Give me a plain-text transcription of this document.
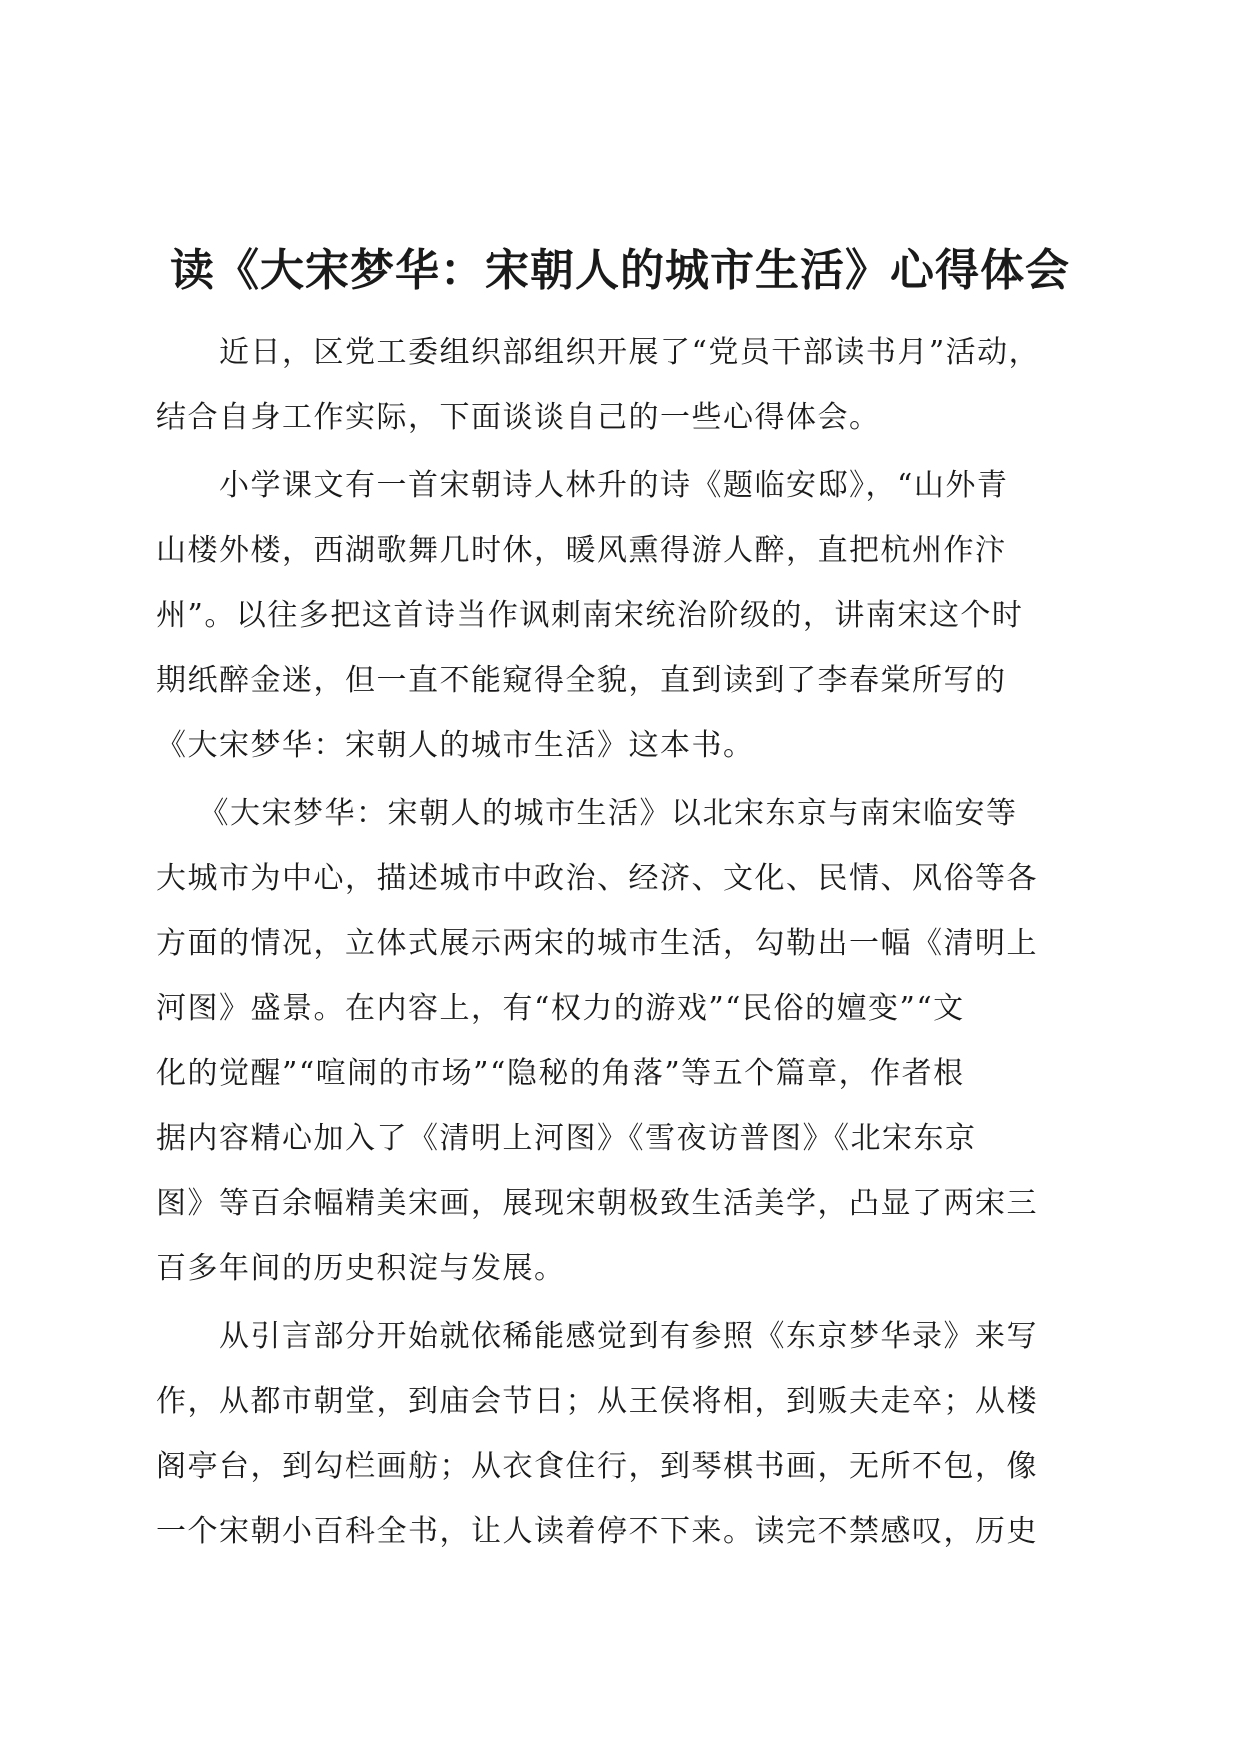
读《大宋梦华：宋朝人的城市生活》心得体会
　　近日，区党工委组织部组织开展了“党员干部读书月”活动，
结合自身工作实际，下面谈谈自己的一些心得体会。
　　小学课文有一首宋朝诗人林升的诗《题临安邸》，“山外青
山楼外楼，西湖歌舞几时休，暖风熏得游人醉，直把杭州作汴
州”。以往多把这首诗当作讽刺南宋统治阶级的，讲南宋这个时
期纸醉金迷，但一直不能窥得全貌，直到读到了李春棠所写的
《大宋梦华：宋朝人的城市生活》这本书。
　 《大宋梦华：宋朝人的城市生活》以北宋东京与南宋临安等
大城市为中心，描述城市中政治、经济、文化、民情、风俗等各
方面的情况，立体式展示两宋的城市生活，勾勒出一幅《清明上
河图》盛景。在内容上，有“权力的游戏”“民俗的嬗变”“文
化的觉醒”“喧闹的市场”“隐秘的角落”等五个篇章，作者根
据内容精心加入了《清明上河图》《雪夜访普图》《北宋东京
图》等百余幅精美宋画，展现宋朝极致生活美学，凸显了两宋三
百多年间的历史积淀与发展。
　　从引言部分开始就依稀能感觉到有参照《东京梦华录》来写
作，从都市朝堂，到庙会节日；从王侯将相，到贩夫走卒；从楼
阁亭台，到勾栏画舫；从衣食住行，到琴棋书画，无所不包，像
一个宋朝小百科全书，让人读着停不下来。读完不禁感叹，历史
